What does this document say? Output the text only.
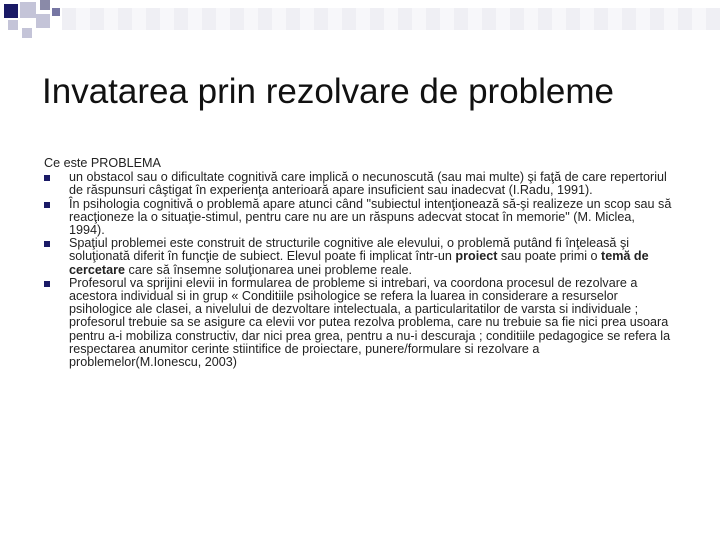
Invatarea prin rezolvare de probleme
Ce este PROBLEMA

un obstacol sau o dificultate cognitivă care implică o necunoscută (sau mai multe) şi faţă de care repertoriul de răspunsuri câştigat în experienţa anterioară apare insuficient sau inadecvat (I.Radu, 1991).

În psihologia cognitivă o problemă apare atunci când "subiectul intenţionează să-şi realizeze un scop sau să reacţioneze la o situaţie-stimul, pentru care nu are un răspuns adecvat stocat în memorie" (M. Miclea, 1994).

Spaţiul problemei este construit de structurile cognitive ale elevului, o problemă putând fi înţeleasă şi soluţionată diferit în funcţie de subiect. Elevul poate fi implicat într‑un proiect sau poate primi o temă de cercetare care să însemne soluţionarea unei probleme reale.

Profesorul va sprijini elevii in formularea de probleme si intrebari, va coordona procesul de rezolvare a acestora individual si in grup « Conditiile psihologice se refera la luarea in considerare a resurselor psihologice ale clasei, a nivelului de dezvoltare intelectuala, a particularitatilor de varsta si individuale ; profesorul trebuie sa se asigure ca elevii vor putea rezolva problema, care nu trebuie sa fie nici prea usoara pentru a-i mobiliza constructiv, dar nici prea grea, pentru a nu-i descuraja ; conditiile pedagogice se refera la respectarea anumitor cerinte stiintifice de proiectare, punere/formulare si rezolvare a problemelor(M.Ionescu, 2003)
